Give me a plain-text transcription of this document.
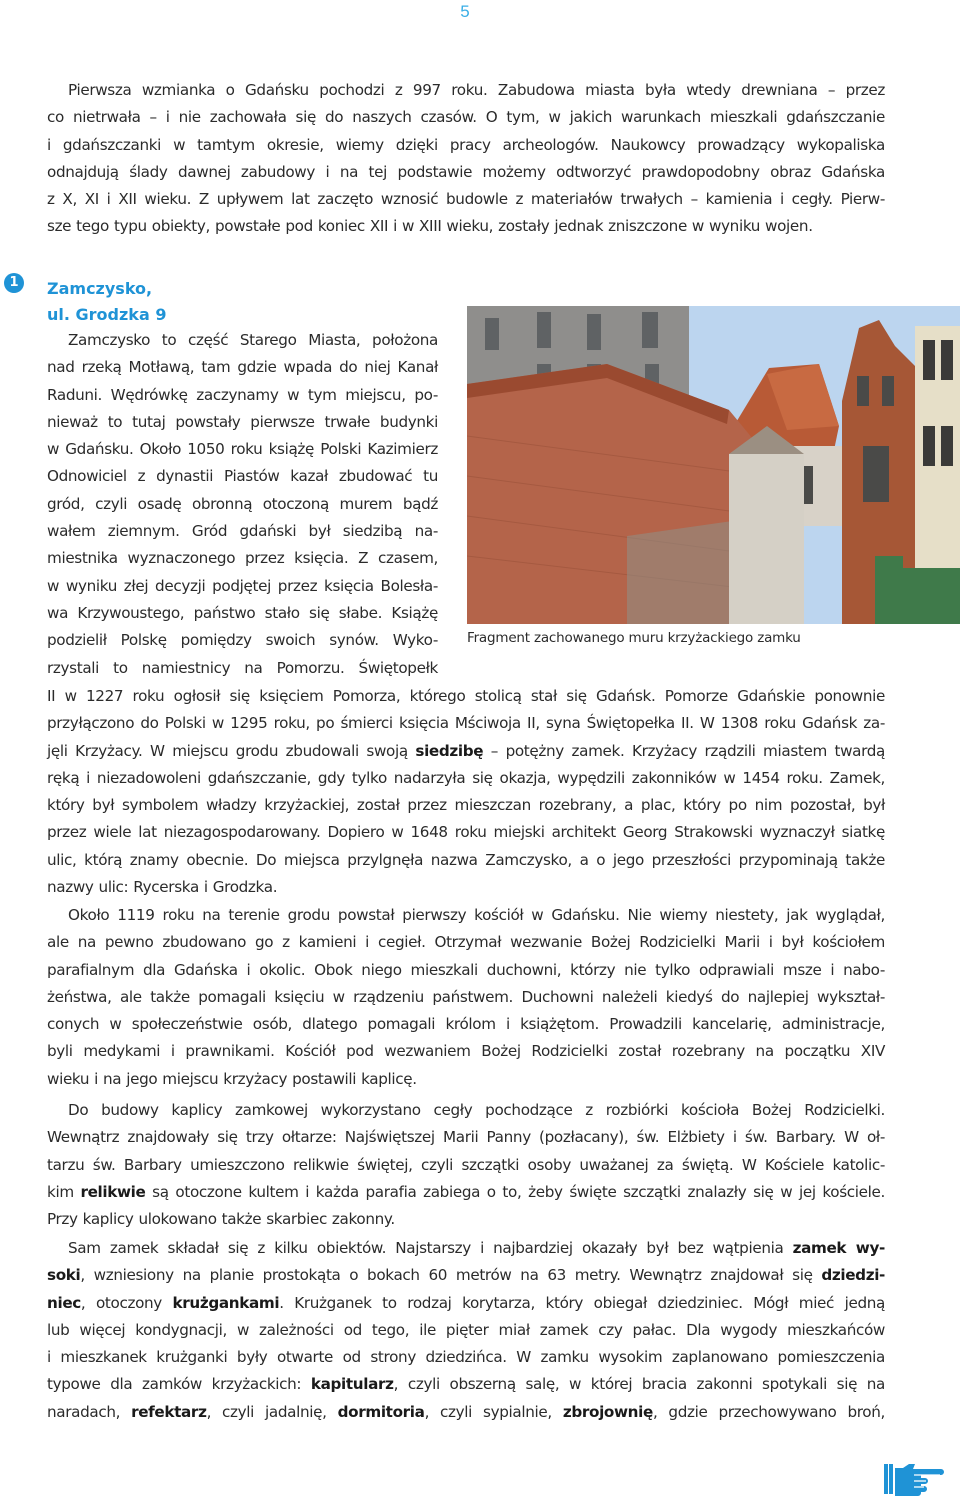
5
Pierwsza wzmianka o Gdańsku pochodzi z 997 roku. Zabudowa miasta była wtedy drewniana – przez
co nietrwała – i nie zachowała się do naszych czasów. O tym, w jakich warunkach mieszkali gdańszczanie
i gdańszczanki w tamtym okresie, wiemy dzięki pracy archeologów. Naukowcy prowadzący wykopaliska
odnajdują ślady dawnej zabudowy i na tej podstawie możemy odtworzyć prawdopodobny obraz Gdańska
z X, XI i XII wieku. Z upływem lat zaczęto wznosić budowle z materiałów trwałych – kamienia i cegły. Pierw-
sze tego typu obiekty, powstałe pod koniec XII i w XIII wieku, zostały jednak zniszczone w wyniku wojen.
1	Zamczysko,
ul. Grodzka 9
Fragment zachowanego muru krzyżackiego zamku
Zamczysko to część Starego Miasta, położona
nad rzeką Motławą, tam gdzie wpada do niej Kanał
Raduni. Wędrówkę zaczynamy w tym miejscu, po-
nieważ to tutaj powstały pierwsze trwałe budynki
w Gdańsku. Około 1050 roku książę Polski Kazimierz
Odnowiciel z dynastii Piastów kazał zbudować tu
gród, czyli osadę obronną otoczoną murem bądź
wałem ziemnym. Gród gdański był siedzibą na-
miestnika wyznaczonego przez księcia. Z czasem,
w wyniku złej decyzji podjętej przez księcia Bolesła-
wa Krzywoustego, państwo stało się słabe. Książę
podzielił Polskę pomiędzy swoich synów. Wyko-
rzystali to namiestnicy na Pomorzu. Świętopełk
II w 1227 roku ogłosił się księciem Pomorza, którego stolicą stał się Gdańsk. Pomorze Gdańskie ponownie
przyłączono do Polski w 1295 roku, po śmierci księcia Mściwoja II, syna Świętopełka II. W 1308 roku Gdańsk za-
jęli Krzyżacy. W miejscu grodu zbudowali swoją siedzibę – potężny zamek. Krzyżacy rządzili miastem twardą
ręką i niezadowoleni gdańszczanie, gdy tylko nadarzyła się okazja, wypędzili zakonników w 1454 roku. Zamek,
który był symbolem władzy krzyżackiej, został przez mieszczan rozebrany, a plac, który po nim pozostał, był
przez wiele lat niezagospodarowany. Dopiero w 1648 roku miejski architekt Georg Strakowski wyznaczył siatkę
ulic, którą znamy obecnie. Do miejsca przylgnęła nazwa Zamczysko, a o jego przeszłości przypominają także
nazwy ulic: Rycerska i Grodzka.
Około 1119 roku na terenie grodu powstał pierwszy kościół w Gdańsku. Nie wiemy niestety, jak wyglądał,
ale na pewno zbudowano go z kamieni i cegieł. Otrzymał wezwanie Bożej Rodzicielki Marii i był kościołem
parafialnym dla Gdańska i okolic. Obok niego mieszkali duchowni, którzy nie tylko odprawiali msze i nabo-
żeństwa, ale także pomagali księciu w rządzeniu państwem. Duchowni należeli kiedyś do najlepiej wykształ-
conych w społeczeństwie osób, dlatego pomagali królom i książętom. Prowadzili kancelarię, administracje,
byli medykami i prawnikami. Kościół pod wezwaniem Bożej Rodzicielki został rozebrany na początku XIV
wieku i na jego miejscu krzyżacy postawili kaplicę.
Do budowy kaplicy zamkowej wykorzystano cegły pochodzące z rozbiórki kościoła Bożej Rodzicielki.
Wewnątrz znajdowały się trzy ołtarze: Najświętszej Marii Panny (pozłacany), św. Elżbiety i św. Barbary. W oł-
tarzu św. Barbary umieszczono relikwie świętej, czyli szczątki osoby uważanej za świętą. W Kościele katolic-
kim relikwie są otoczone kultem i każda parafia zabiega o to, żeby święte szczątki znalazły się w jej kościele.
Przy kaplicy ulokowano także skarbiec zakonny.
Sam zamek składał się z kilku obiektów. Najstarszy i najbardziej okazały był bez wątpienia zamek wy-
soki, wzniesiony na planie prostokąta o bokach 60 metrów na 63 metry. Wewnątrz znajdował się dziedzi-
niec, otoczony krużgankami. Krużganek to rodzaj korytarza, który obiegał dziedziniec. Mógł mieć jedną
lub więcej kondygnacji, w zależności od tego, ile pięter miał zamek czy pałac. Dla wygody mieszkańców
i mieszkanek krużganki były otwarte od strony dziedzińca. W zamku wysokim zaplanowano pomieszczenia
typowe dla zamków krzyżackich: kapitularz, czyli obszerną salę, w której bracia zakonni spotykali się na
naradach, refektarz, czyli jadalnię, dormitoria, czyli sypialnie, zbrojownię, gdzie przechowywano broń,
